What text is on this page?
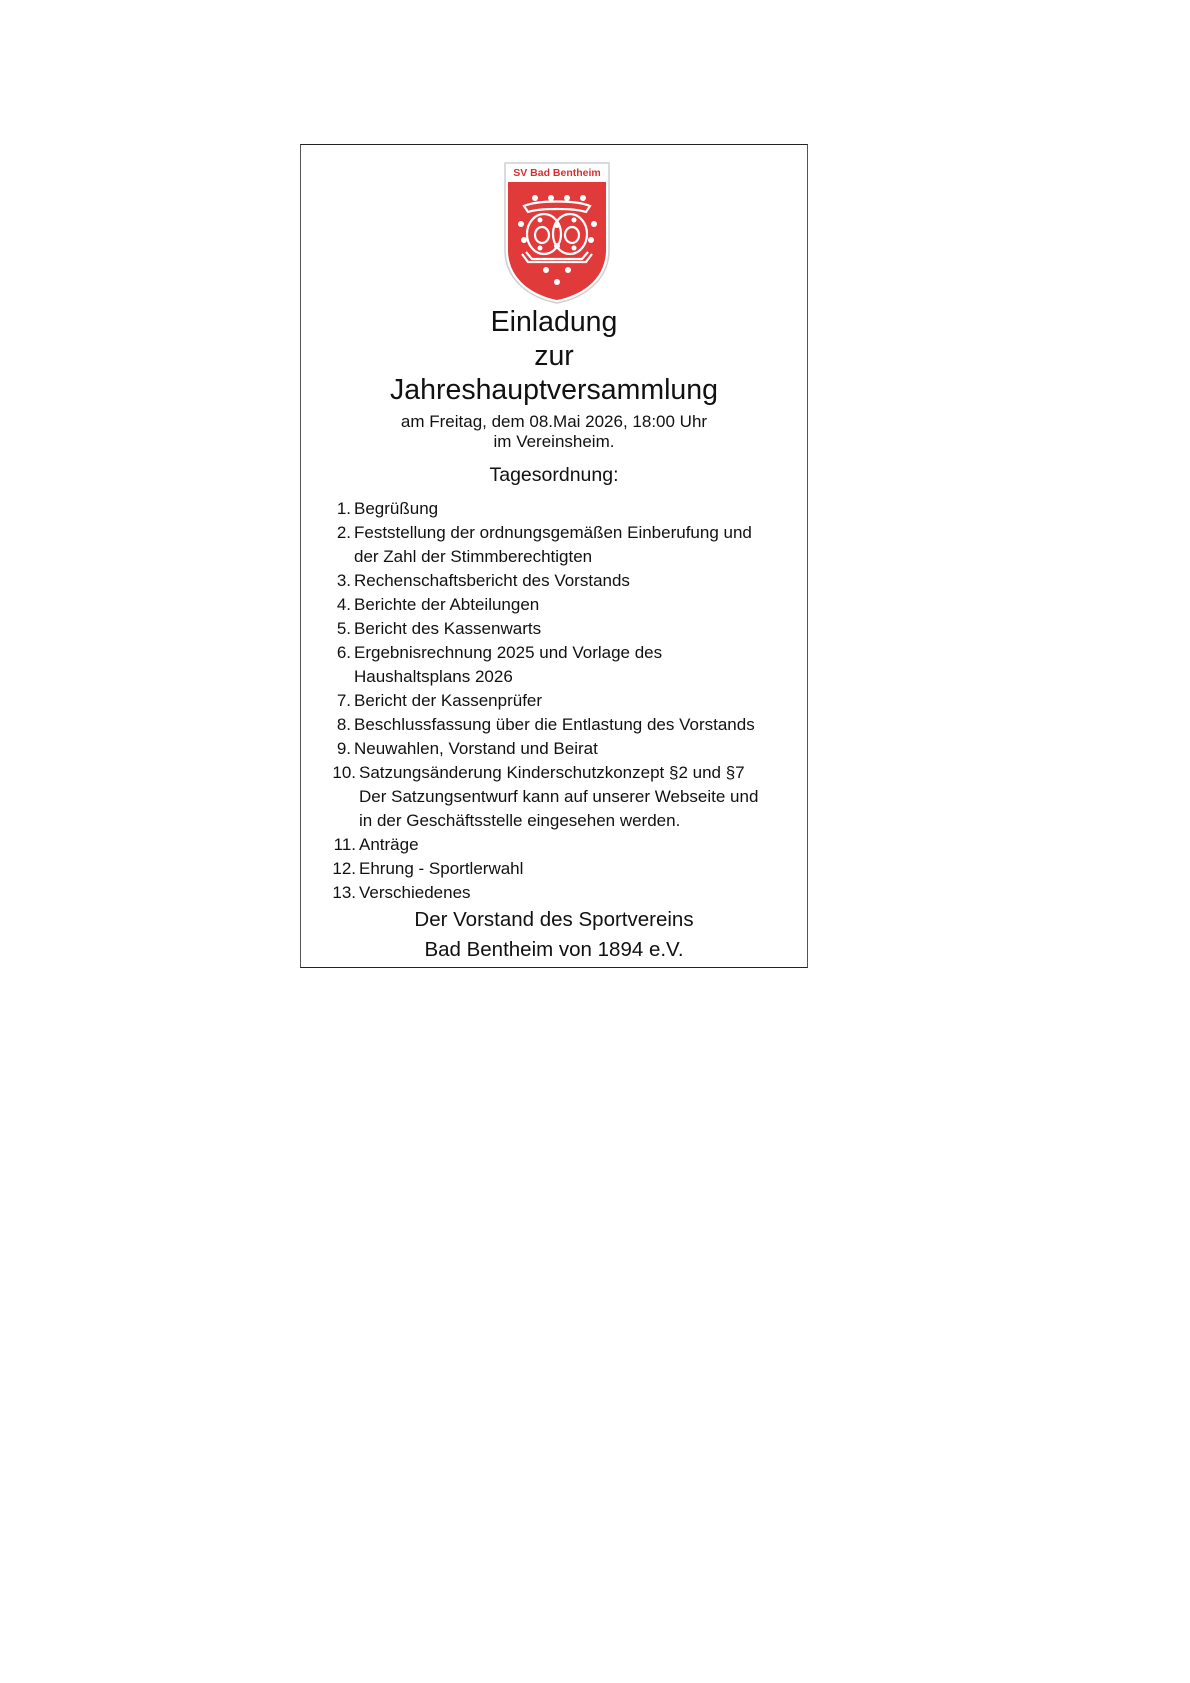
SV Bad Bentheim
Einladung
zur
Jahreshauptversammlung
am Freitag, dem 08.Mai 2026, 18:00 Uhr
im Vereinsheim.
Tagesordnung:
1. Begrüßung
2. Feststellung der ordnungsgemäßen Einberufung und
der Zahl der Stimmberechtigten
3. Rechenschaftsbericht des Vorstands
4. Berichte der Abteilungen
5. Bericht des Kassenwarts
6. Ergebnisrechnung 2025 und Vorlage des
Haushaltsplans 2026
7. Bericht der Kassenprüfer
8. Beschlussfassung über die Entlastung des Vorstands
9. Neuwahlen, Vorstand und Beirat
10. Satzungsänderung Kinderschutzkonzept §2 und §7
Der Satzungsentwurf kann auf unserer Webseite und
in der Geschäftsstelle eingesehen werden.
11. Anträge
12. Ehrung - Sportlerwahl
13. Verschiedenes
Der Vorstand des Sportvereins
Bad Bentheim von 1894 e.V.
